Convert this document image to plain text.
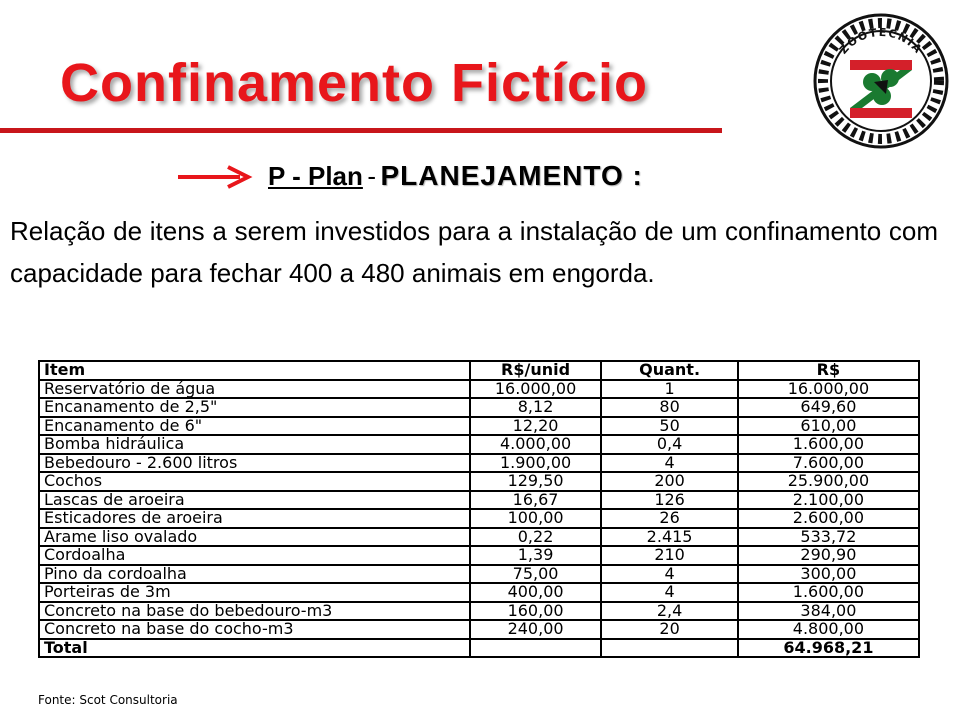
Confinamento Fictício
ZOOTECNIA
P - Plan - PLANEJAMENTO :
Relação de itens a serem investidos para a instalação de um confinamento com capacidade para fechar 400 a 480 animais em engorda.
Item	R$/unid	Quant.	R$
Reservatório de água	16.000,00	1	16.000,00
Encanamento de 2,5"	8,12	80	649,60
Encanamento de 6"	12,20	50	610,00
Bomba hidráulica	4.000,00	0,4	1.600,00
Bebedouro - 2.600 litros	1.900,00	4	7.600,00
Cochos	129,50	200	25.900,00
Lascas de aroeira	16,67	126	2.100,00
Esticadores de aroeira	100,00	26	2.600,00
Arame liso ovalado	0,22	2.415	533,72
Cordoalha	1,39	210	290,90
Pino da cordoalha	75,00	4	300,00
Porteiras de 3m	400,00	4	1.600,00
Concreto na base do bebedouro-m3	160,00	2,4	384,00
Concreto na base do cocho-m3	240,00	20	4.800,00
Total			64.968,21
Fonte: Scot Consultoria
